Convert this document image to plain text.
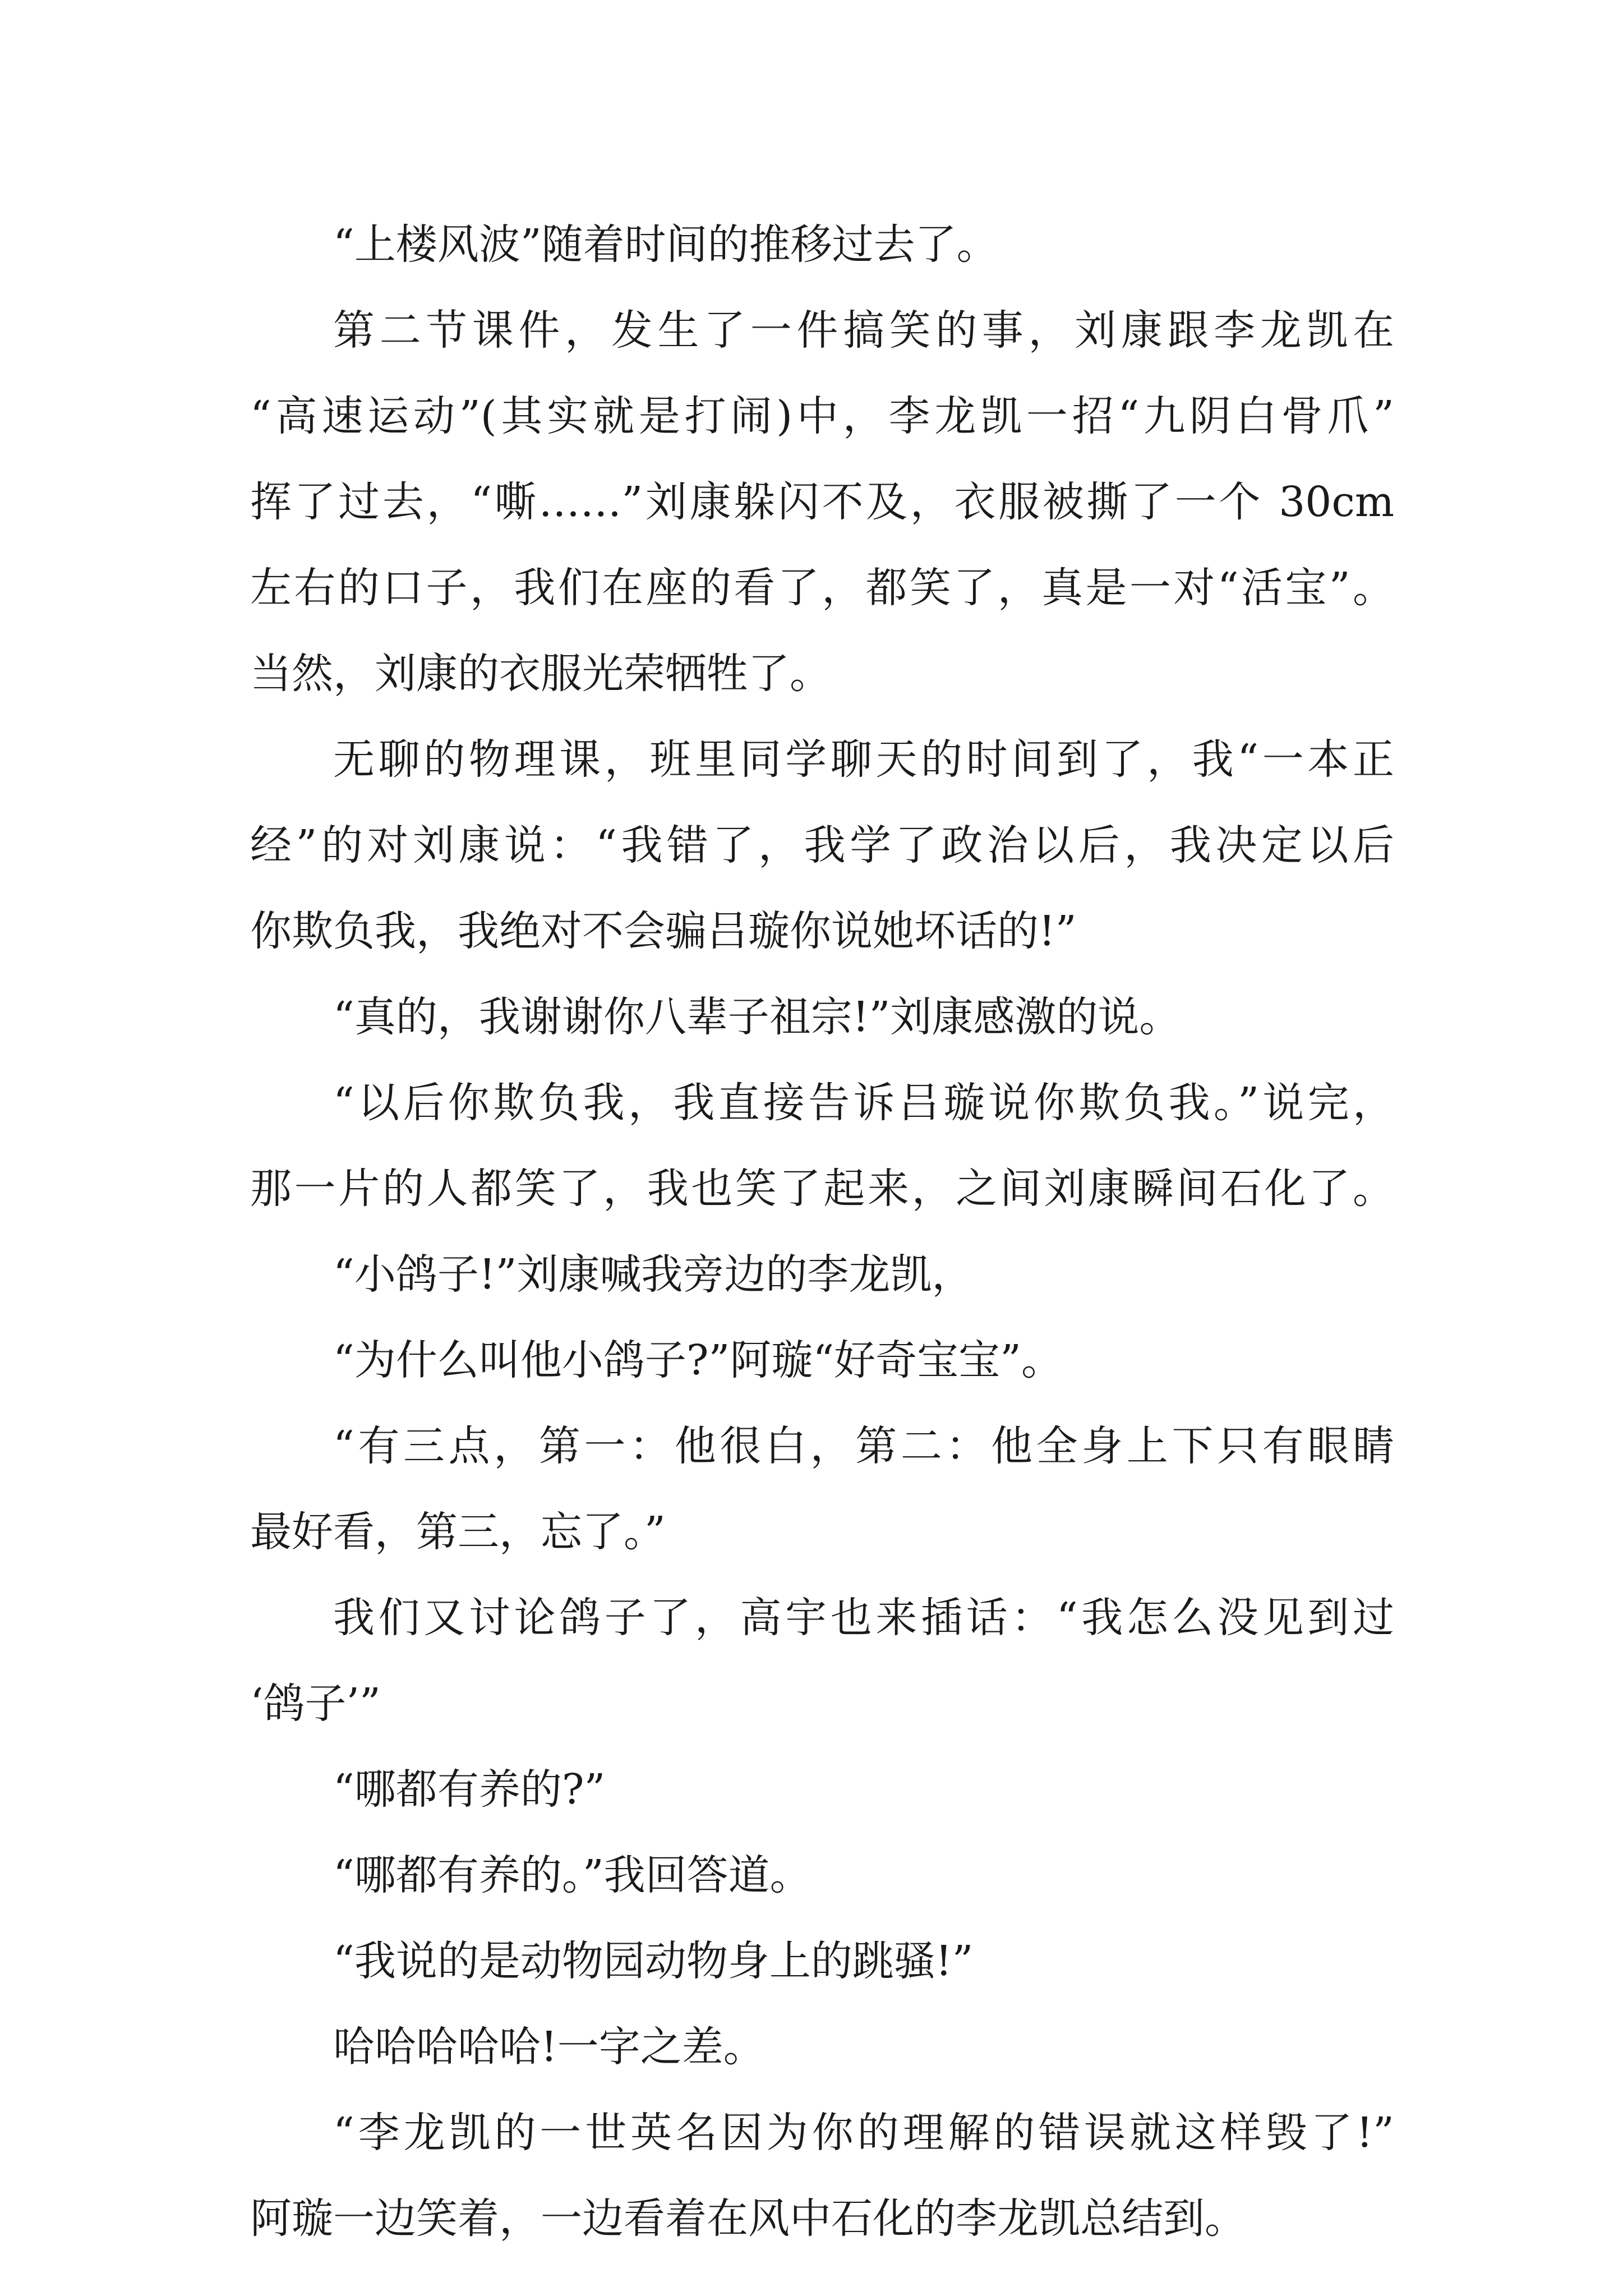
“上楼风波”随着时间的推移过去了。
第二节课件，发生了一件搞笑的事，刘康跟李龙凯在
“高速运动”(其实就是打闹)中，李龙凯一招“九阴白骨爪”
挥了过去，“嘶……”刘康躲闪不及，衣服被撕了一个 30cm
左右的口子，我们在座的看了，都笑了，真是一对“活宝”。
当然，刘康的衣服光荣牺牲了。
无聊的物理课，班里同学聊天的时间到了，我“一本正
经”的对刘康说：“我错了，我学了政治以后，我决定以后
你欺负我，我绝对不会骗吕璇你说她坏话的!”
“真的，我谢谢你八辈子祖宗!”刘康感激的说。
“以后你欺负我，我直接告诉吕璇说你欺负我。”说完，
那一片的人都笑了，我也笑了起来，之间刘康瞬间石化了。
“小鸽子!”刘康喊我旁边的李龙凯，
“为什么叫他小鸽子?”阿璇“好奇宝宝”。
“有三点，第一：他很白，第二：他全身上下只有眼睛
最好看，第三，忘了。”
我们又讨论鸽子了，高宇也来插话：“我怎么没见到过
‘鸽子’”
“哪都有养的?”
“哪都有养的。”我回答道。
“我说的是动物园动物身上的跳骚!”
哈哈哈哈哈!一字之差。
“李龙凯的一世英名因为你的理解的错误就这样毁了!”
阿璇一边笑着，一边看着在风中石化的李龙凯总结到。
